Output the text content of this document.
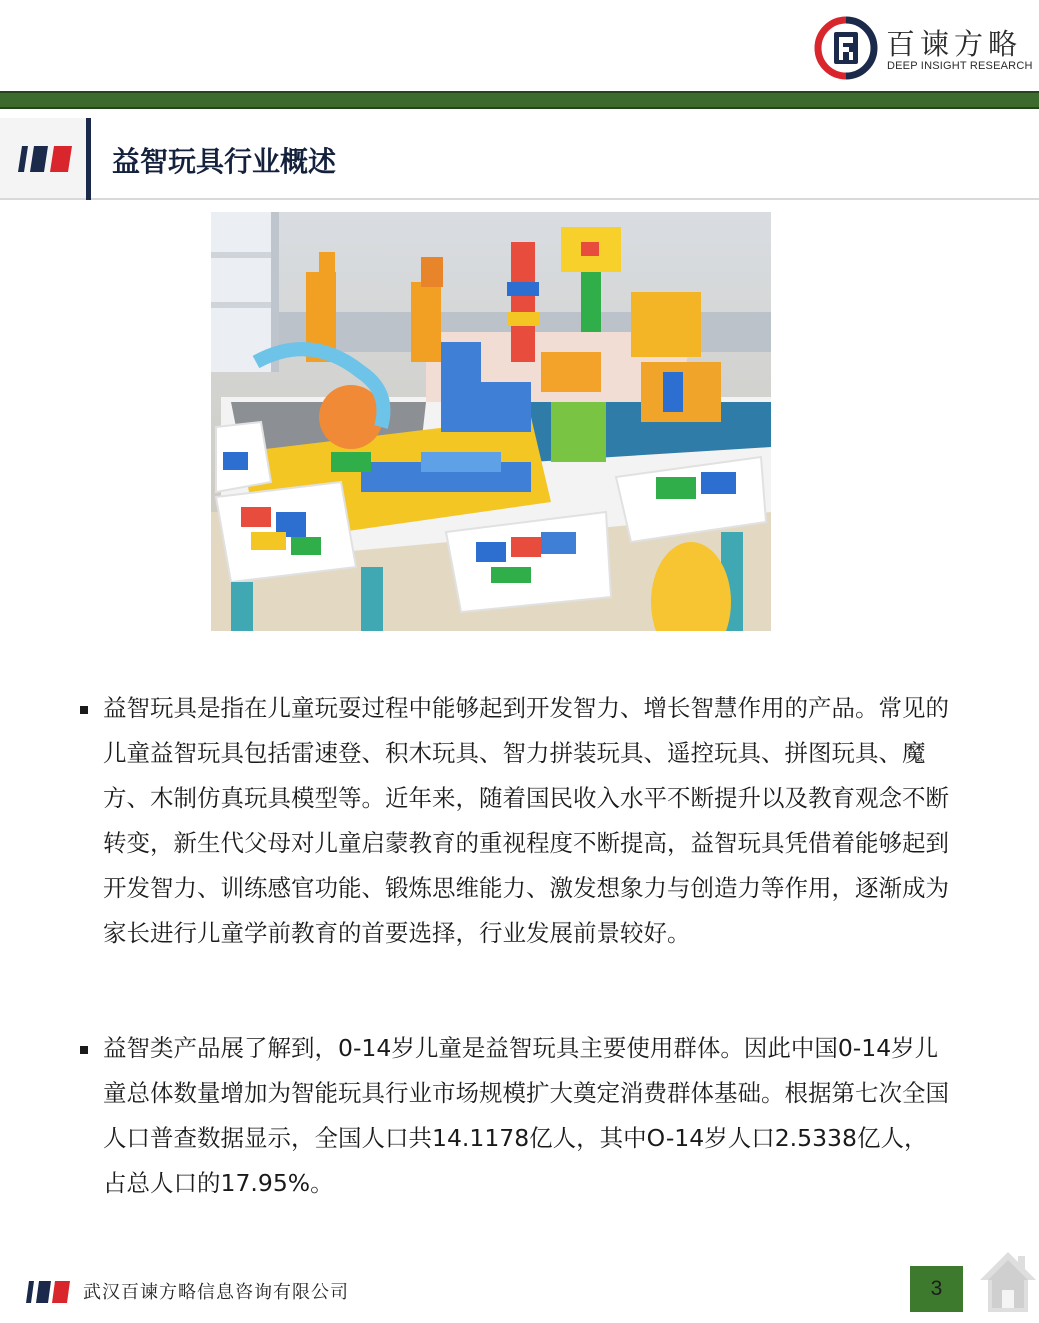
百谏方略
DEEP INSIGHT RESEARCH
益智玩具行业概述
益智玩具是指在儿童玩耍过程中能够起到开发智力、增长智慧作用的产品。常见的儿童益智玩具包括雷速登、积木玩具、智力拼装玩具、遥控玩具、拼图玩具、魔方、木制仿真玩具模型等。近年来，随着国民收入水平不断提升以及教育观念不断转变，新生代父母对儿童启蒙教育的重视程度不断提高，益智玩具凭借着能够起到开发智力、训练感官功能、锻炼思维能力、激发想象力与创造力等作用，逐渐成为家长进行儿童学前教育的首要选择，行业发展前景较好。
益智类产品展了解到，0-14岁儿童是益智玩具主要使用群体。因此中国0-14岁儿童总体数量增加为智能玩具行业市场规模扩大奠定消费群体基础。根据第七次全国人口普查数据显示，全国人口共14.1178亿人，其中O-14岁人口2.5338亿人，占总人口的17.95%。
武汉百谏方略信息咨询有限公司	3
